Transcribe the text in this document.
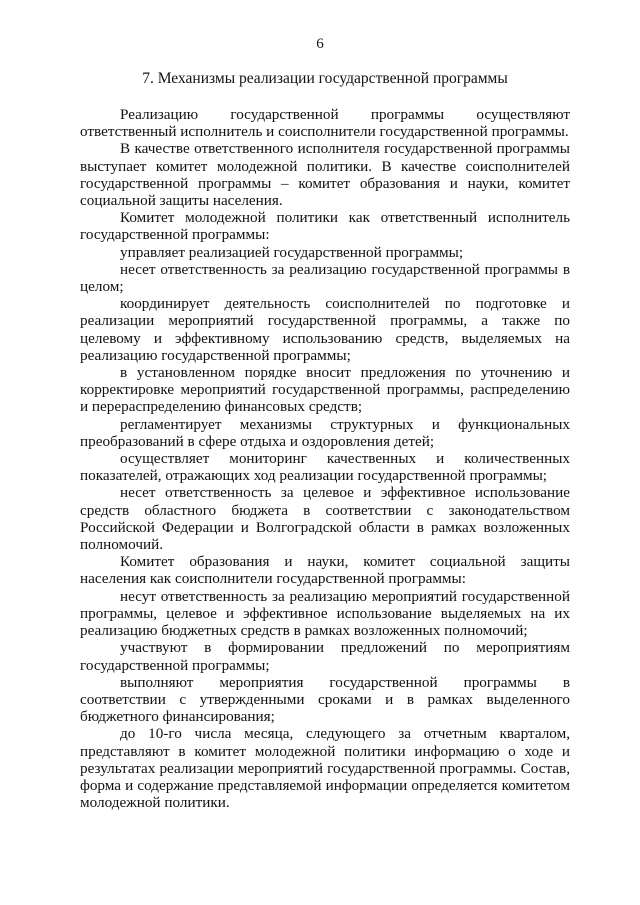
6
7. Механизмы реализации государственной программы

Реализацию государственной программы осуществляют ответственный исполнитель и соисполнители государственной программы.

В качестве ответственного исполнителя государственной программы выступает комитет молодежной политики. В качестве соисполнителей государственной программы – комитет образования и науки, комитет социальной защиты населения.

Комитет молодежной политики как ответственный исполнитель государственной программы:

управляет реализацией государственной программы;

несет ответственность за реализацию государственной программы в целом;

координирует деятельность соисполнителей по подготовке и реализации мероприятий государственной программы, а также по целевому и эффективному использованию средств, выделяемых на реализацию государственной программы;

в установленном порядке вносит предложения по уточнению и корректировке мероприятий государственной программы, распределению и перераспределению финансовых средств;

регламентирует механизмы структурных и функциональных преобразований в сфере отдыха и оздоровления детей;

осуществляет мониторинг качественных и количественных показателей, отражающих ход реализации государственной программы;

несет ответственность за целевое и эффективное использование средств областного бюджета в соответствии с законодательством Российской Федерации и Волгоградской области в рамках возложенных полномочий.

Комитет образования и науки, комитет социальной защиты населения как соисполнители государственной программы:

несут ответственность за реализацию мероприятий государственной программы, целевое и эффективное использование выделяемых на их реализацию бюджетных средств в рамках возложенных полномочий;

участвуют в формировании предложений по мероприятиям государственной программы;

выполняют мероприятия государственной программы в соответствии с утвержденными сроками и в рамках выделенного бюджетного финансирования;

до 10-го числа месяца, следующего за отчетным кварталом, представляют в комитет молодежной политики информацию о ходе и результатах реализации мероприятий государственной программы. Состав, форма и содержание представляемой информации определяется комитетом молодежной политики.
